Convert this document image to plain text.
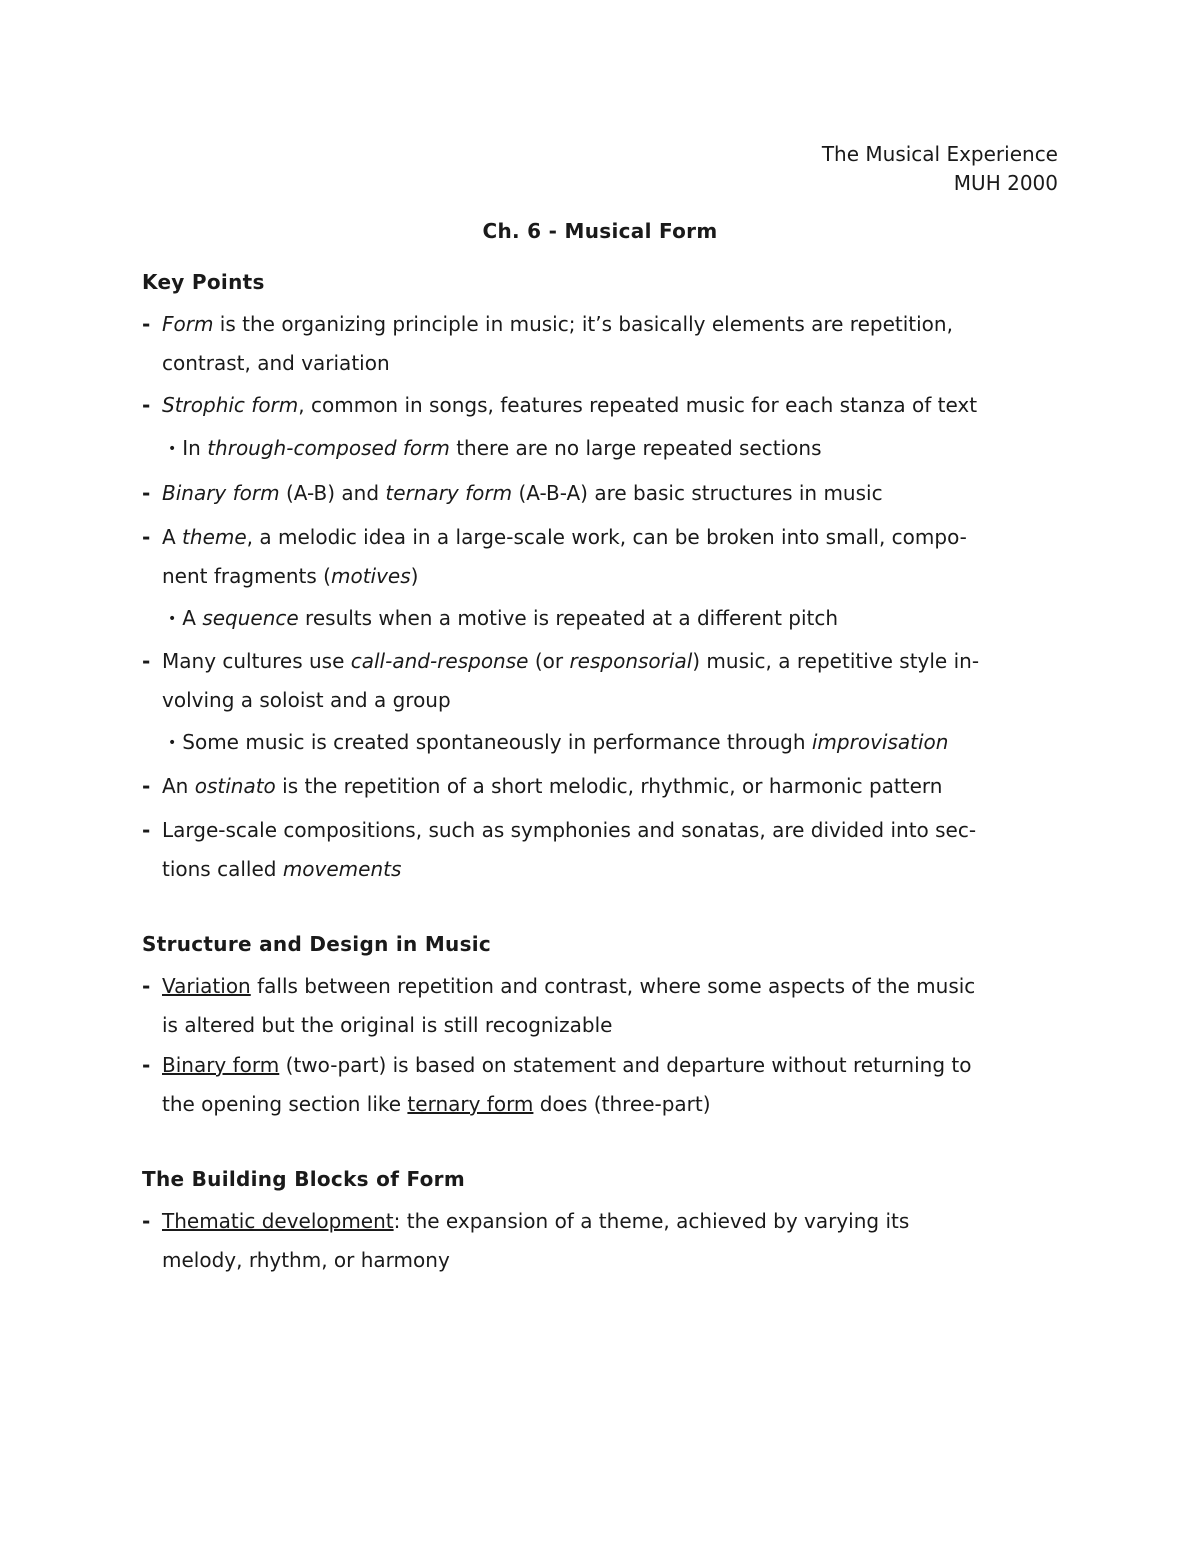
The Musical Experience
MUH 2000
Ch. 6 - Musical Form
Key Points
- Form is the organizing principle in music; it’s basically elements are repetition,
contrast, and variation
- Strophic form, common in songs, features repeated music for each stanza of text
• In through-composed form there are no large repeated sections
- Binary form (A-B) and ternary form (A-B-A) are basic structures in music
- A theme, a melodic idea in a large-scale work, can be broken into small, compo-
nent fragments (motives)
• A sequence results when a motive is repeated at a different pitch
- Many cultures use call-and-response (or responsorial) music, a repetitive style in-
volving a soloist and a group
• Some music is created spontaneously in performance through improvisation
- An ostinato is the repetition of a short melodic, rhythmic, or harmonic pattern
- Large-scale compositions, such as symphonies and sonatas, are divided into sec-
tions called movements
Structure and Design in Music
- Variation falls between repetition and contrast, where some aspects of the music
is altered but the original is still recognizable
- Binary form (two-part) is based on statement and departure without returning to
the opening section like ternary form does (three-part)
The Building Blocks of Form
- Thematic development: the expansion of a theme, achieved by varying its
melody, rhythm, or harmony
